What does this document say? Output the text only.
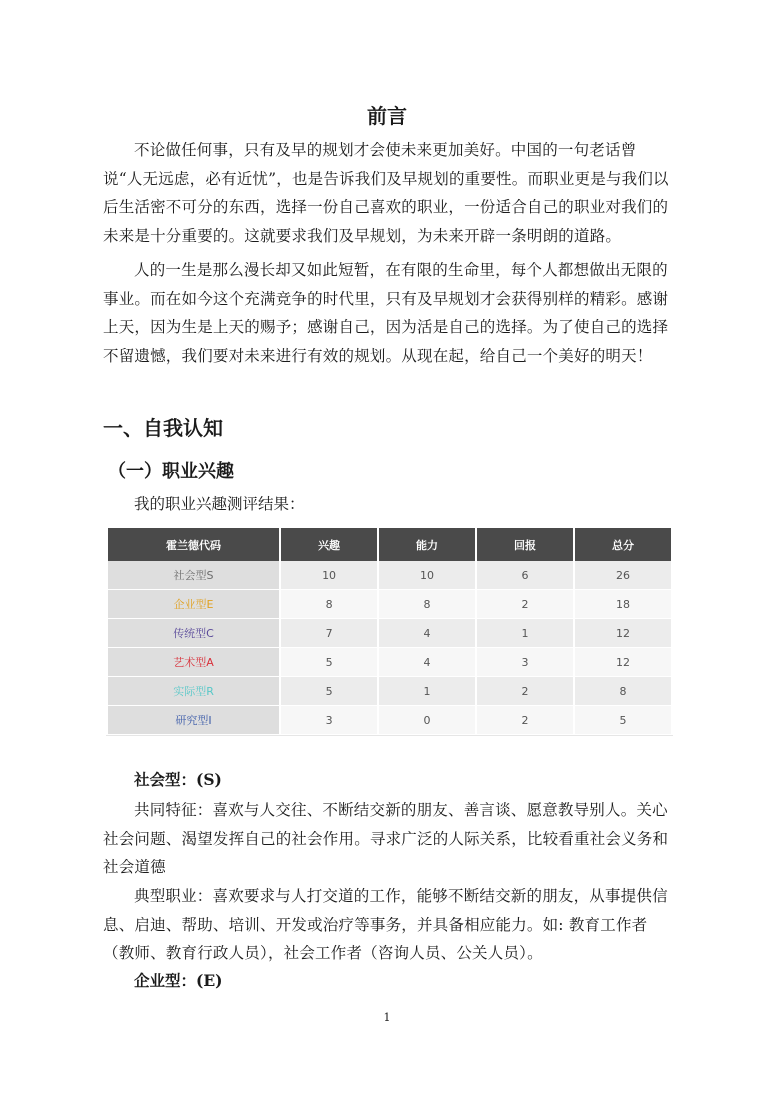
前言

不论做任何事，只有及早的规划才会使未来更加美好。中国的一句老话曾说“人无远虑，必有近忧”，也是告诉我们及早规划的重要性。而职业更是与我们以后生活密不可分的东西，选择一份自己喜欢的职业，一份适合自己的职业对我们的未来是十分重要的。这就要求我们及早规划，为未来开辟一条明朗的道路。

人的一生是那么漫长却又如此短暂，在有限的生命里，每个人都想做出无限的事业。而在如今这个充满竞争的时代里，只有及早规划才会获得别样的精彩。感谢上天，因为生是上天的赐予；感谢自己，因为活是自己的选择。为了使自己的选择不留遗憾，我们要对未来进行有效的规划。从现在起，给自己一个美好的明天！

一、自我认知
（一）职业兴趣

我的职业兴趣测评结果：

霍兰德代码	兴趣	能力	回报	总分
社会型S	10	10	6	26
企业型E	8	8	2	18
传统型C	7	4	1	12
艺术型A	5	4	3	12
实际型R	5	1	2	8
研究型I	3	0	2	5

社会型：(S)

共同特征：喜欢与人交往、不断结交新的朋友、善言谈、愿意教导别人。关心社会问题、渴望发挥自己的社会作用。寻求广泛的人际关系，比较看重社会义务和社会道德

典型职业：喜欢要求与人打交道的工作，能够不断结交新的朋友，从事提供信息、启迪、帮助、培训、开发或治疗等事务，并具备相应能力。如: 教育工作者（教师、教育行政人员），社会工作者（咨询人员、公关人员）。

企业型：(E)

1
